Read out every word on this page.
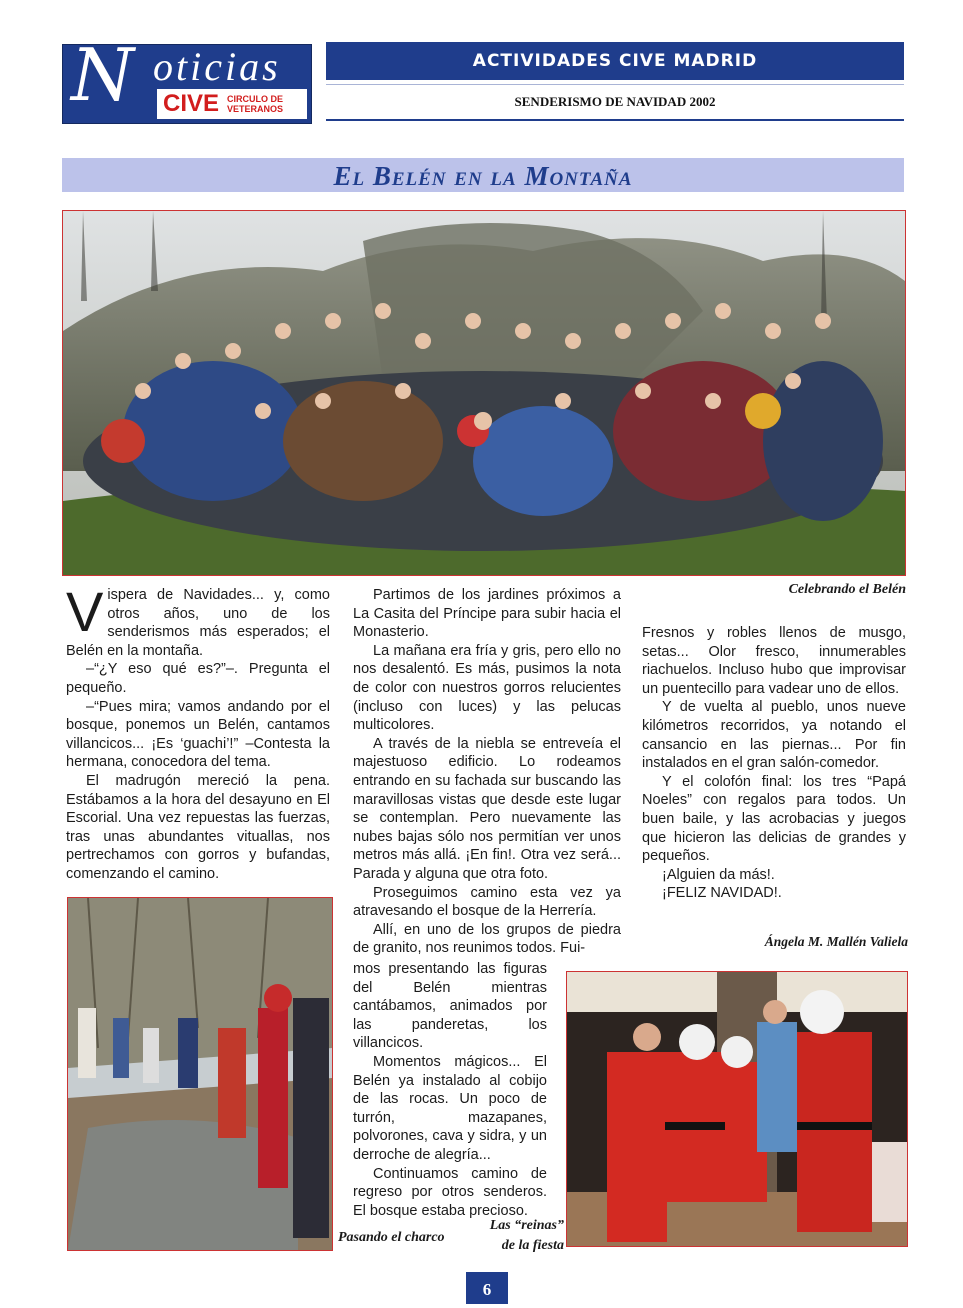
N oticias
CIVE CIRCULO DE
VETERANOS
ACTIVIDADES CIVE MADRID
SENDERISMO DE NAVIDAD 2002
El Belén en la Montaña
Celebrando el Belén

Vispera de Navidades... y, como otros años, uno de los senderismos más esperados; el Belén en la montaña.

–“¿Y eso qué es?”–. Pregunta el pequeño.

–“Pues mira; vamos andando por el bosque, ponemos un Belén, cantamos villancicos... ¡Es ‘guachi’!” –Contesta la hermana, conocedora del tema.

El madrugón mereció la pena. Estábamos a la hora del desayuno en El Escorial. Una vez repuestas las fuerzas, tras unas abundantes vituallas, nos pertrechamos con gorros y bufandas, comenzando el camino.

Pasando el charco

Partimos de los jardines próximos a La Casita del Príncipe para subir hacia el Monasterio.

La mañana era fría y gris, pero ello no nos desalentó. Es más, pusimos la nota de color con nuestros gorros relucientes (incluso con luces) y las pelucas multicolores.

A través de la niebla se entreveía el majestuoso edificio. Lo rodeamos entrando en su fachada sur buscando las maravillosas vistas que desde este lugar se contemplan. Pero nuevamente las nubes bajas sólo nos permitían ver unos metros más allá. ¡En fin!. Otra vez será... Parada y alguna que otra foto.

Proseguimos camino esta vez ya atravesando el bosque de la Herrería.

Allí, en uno de los grupos de piedra de granito, nos reunimos todos. Fui-

mos presentando las figuras del Belén mientras cantábamos, animados por las panderetas, los villancicos.

Momentos mágicos... El Belén ya instalado al cobijo de las rocas. Un poco de turrón, mazapanes, polvorones, cava y sidra, y un derroche de alegría...

Continuamos camino de regreso por otros senderos. El bosque estaba precioso.

Fresnos y robles llenos de musgo, setas... Olor fresco, innumerables riachuelos. Incluso hubo que improvisar un puentecillo para vadear uno de ellos.

Y de vuelta al pueblo, unos nueve kilómetros recorridos, ya notando el cansancio en las piernas... Por fin instalados en el gran salón-comedor.

Y el colofón final: los tres “Papá Noeles” con regalos para todos. Un buen baile, y las acrobacias y juegos que hicieron las delicias de grandes y pequeños.

¡Alguien da más!.

¡FELIZ NAVIDAD!.

Ángela M. Mallén Valiela
Las “reinas”
de la fiesta
6
